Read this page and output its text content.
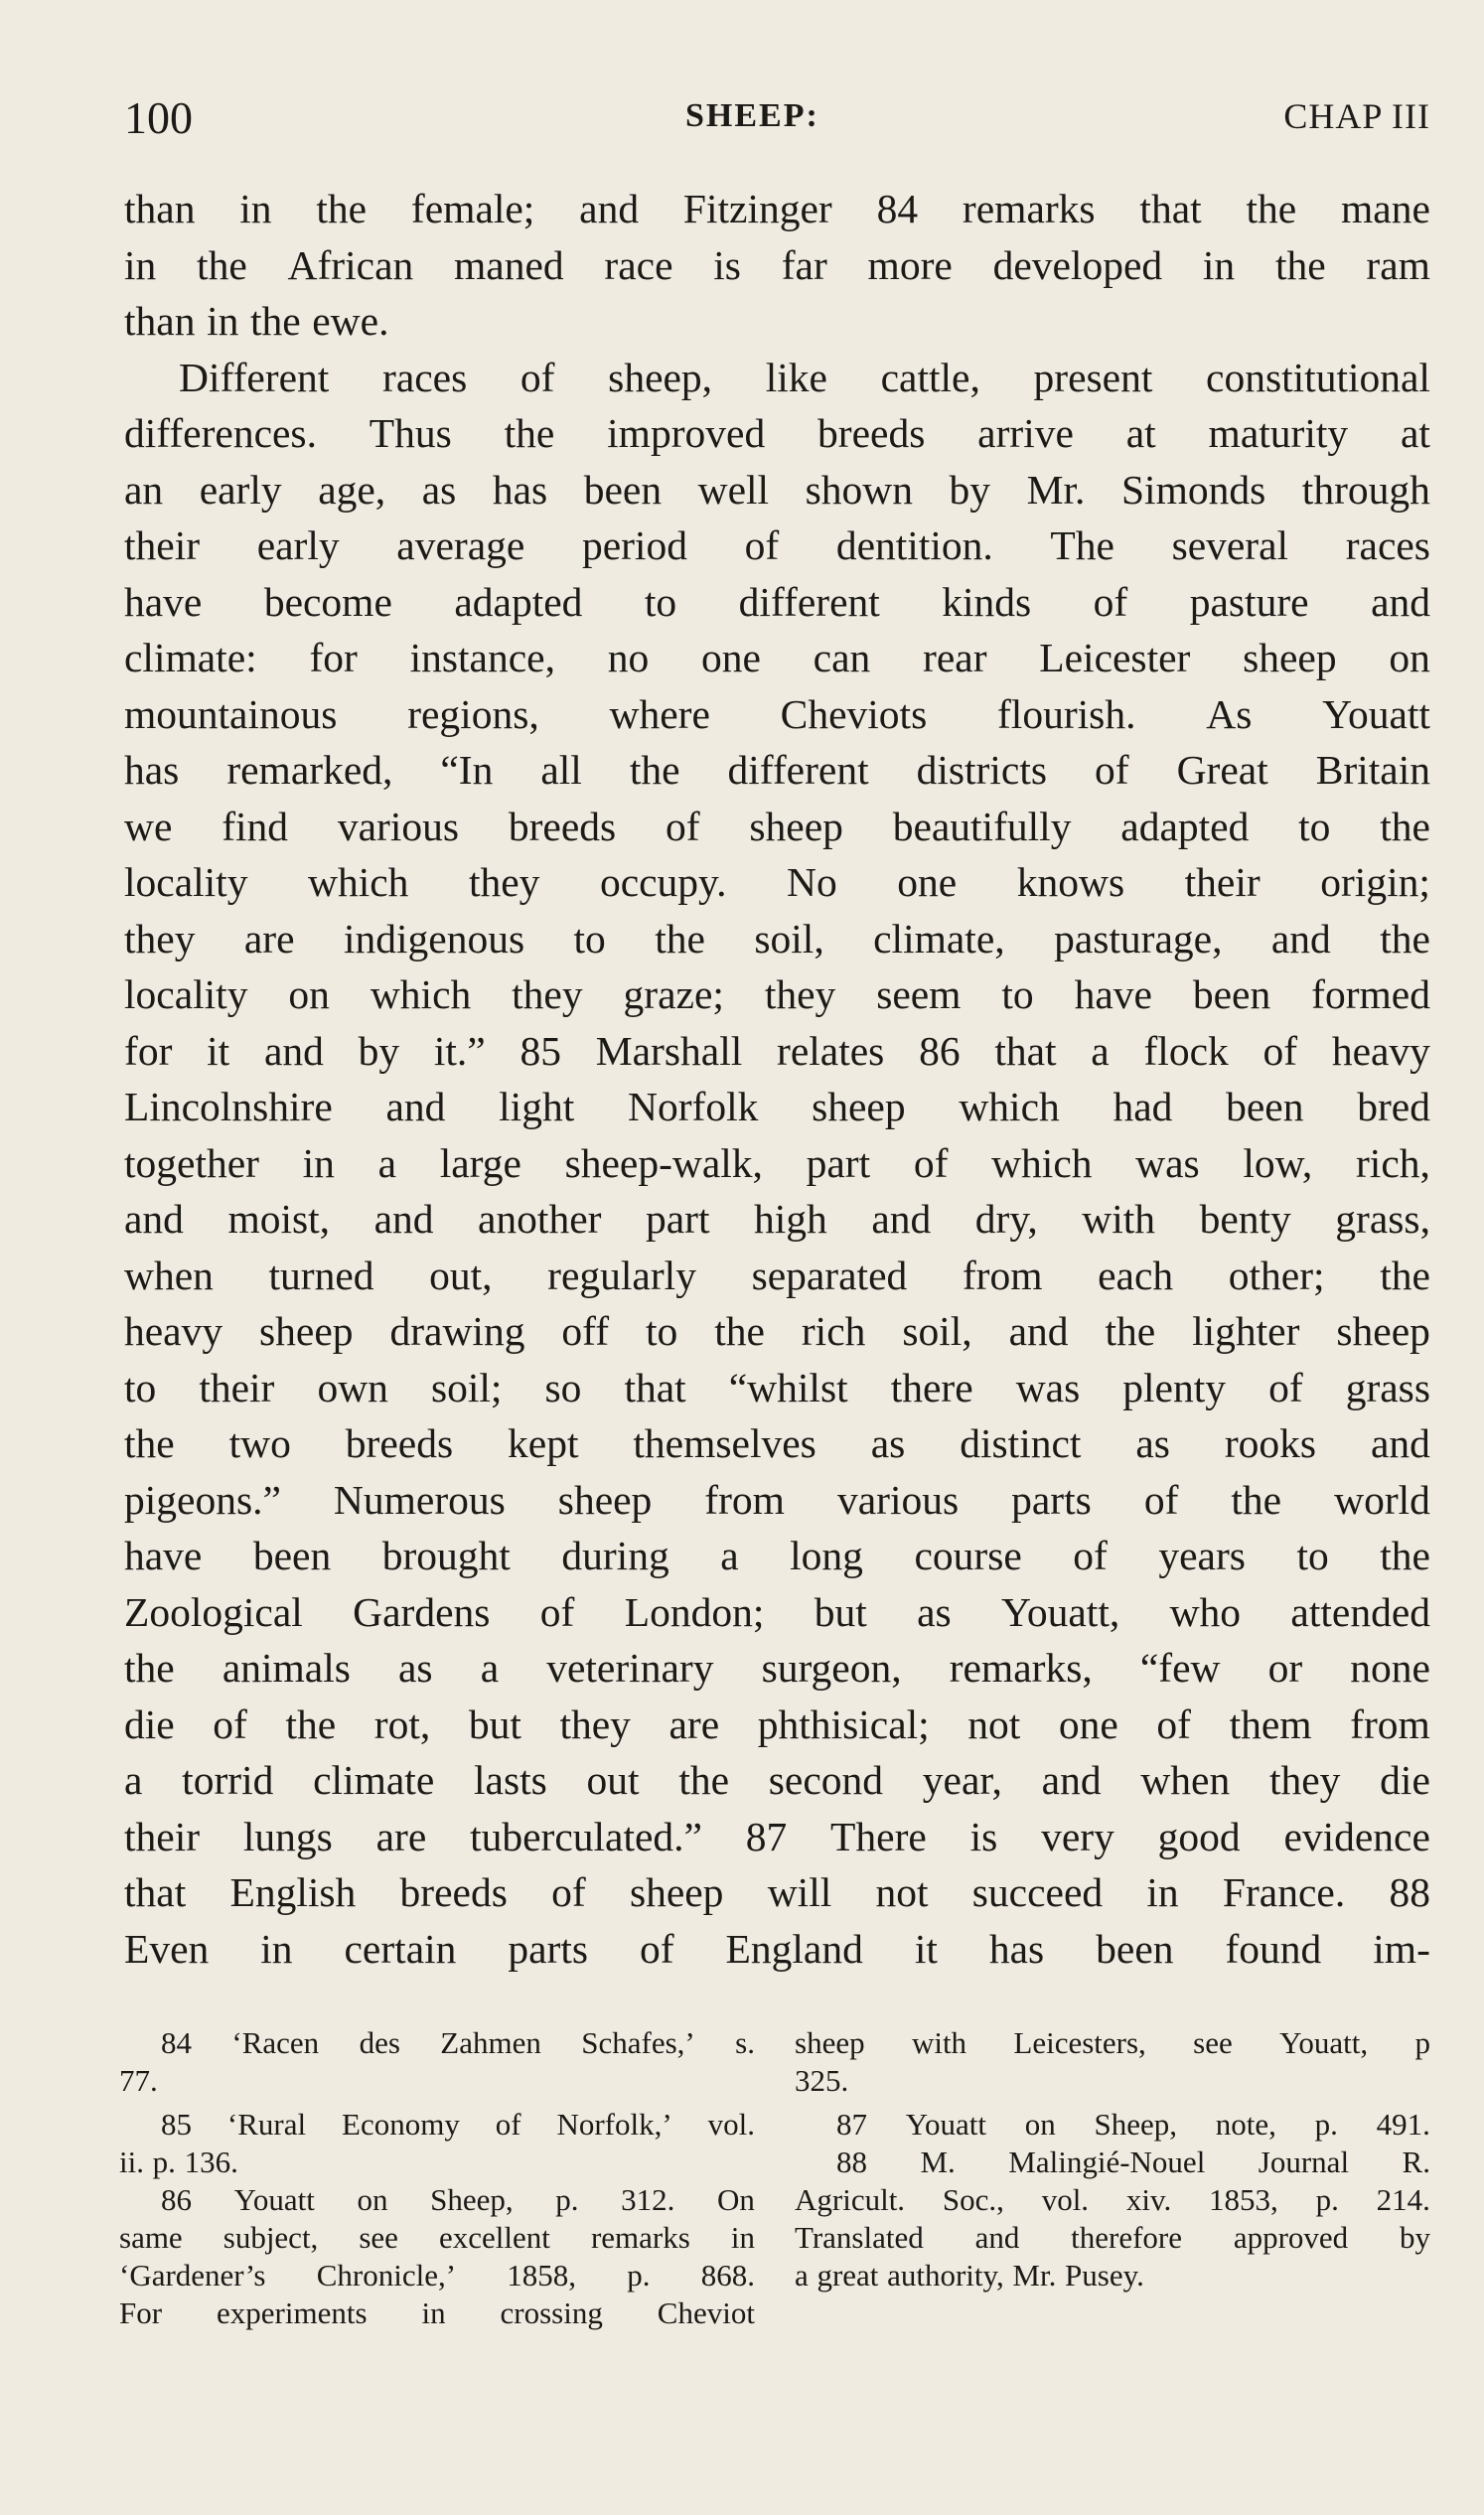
100	SHEEP:	CHAP III
than in the female; and Fitzinger 84 remarks that the mane
in the African maned race is far more developed in the ram
than in the ewe.
Different races of sheep, like cattle, present constitutional
differences. Thus the improved breeds arrive at maturity at
an early age, as has been well shown by Mr. Simonds through
their early average period of dentition. The several races
have become adapted to different kinds of pasture and
climate: for instance, no one can rear Leicester sheep on
mountainous regions, where Cheviots flourish. As Youatt
has remarked, “In all the different districts of Great Britain
we find various breeds of sheep beautifully adapted to the
locality which they occupy. No one knows their origin;
they are indigenous to the soil, climate, pasturage, and the
locality on which they graze; they seem to have been formed
for it and by it.” 85 Marshall relates 86 that a flock of heavy
Lincolnshire and light Norfolk sheep which had been bred
together in a large sheep-walk, part of which was low, rich,
and moist, and another part high and dry, with benty grass,
when turned out, regularly separated from each other; the
heavy sheep drawing off to the rich soil, and the lighter sheep
to their own soil; so that “whilst there was plenty of grass
the two breeds kept themselves as distinct as rooks and
pigeons.” Numerous sheep from various parts of the world
have been brought during a long course of years to the
Zoological Gardens of London; but as Youatt, who attended
the animals as a veterinary surgeon, remarks, “few or none
die of the rot, but they are phthisical; not one of them from
a torrid climate lasts out the second year, and when they die
their lungs are tuberculated.” 87 There is very good evidence
that English breeds of sheep will not succeed in France. 88
Even in certain parts of England it has been found im-
84 ‘Racen des Zahmen Schafes,’ s.
77.
85 ‘Rural Economy of Norfolk,’ vol.
ii. p. 136.
86 Youatt on Sheep, p. 312. On
same subject, see excellent remarks in
‘Gardener’s Chronicle,’ 1858, p. 868.
For experiments in crossing Cheviot
sheep with Leicesters, see Youatt, p
325.
87 Youatt on Sheep, note, p. 491.
88 M. Malingié-Nouel Journal R.
Agricult. Soc., vol. xiv. 1853, p. 214.
Translated and therefore approved by
a great authority, Mr. Pusey.
